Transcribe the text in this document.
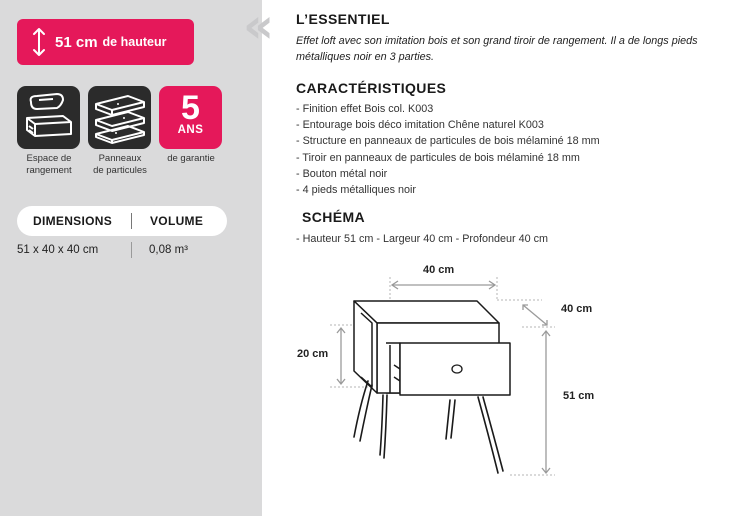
51 cm de hauteur
5
ANS
Espace de
rangement
Panneaux
de particules
de garantie
DIMENSIONS	VOLUME
51 x 40 x 40 cm	0,08 m³
« L’ESSENTIEL
Effet loft avec son imitation bois et son grand tiroir de rangement. Il a de longs pieds métalliques noir en 3 parties.
CARACTÉRISTIQUES
- Finition effet Bois col. K003
- Entourage bois déco imitation Chêne naturel K003
- Structure en panneaux de particules de bois mélaminé 18 mm
- Tiroir en panneaux de particules de bois mélaminé 18 mm
- Bouton métal noir
- 4 pieds métalliques noir
SCHÉMA
- Hauteur 51 cm - Largeur 40 cm - Profondeur 40 cm
40 cm
40 cm
20 cm
51 cm
